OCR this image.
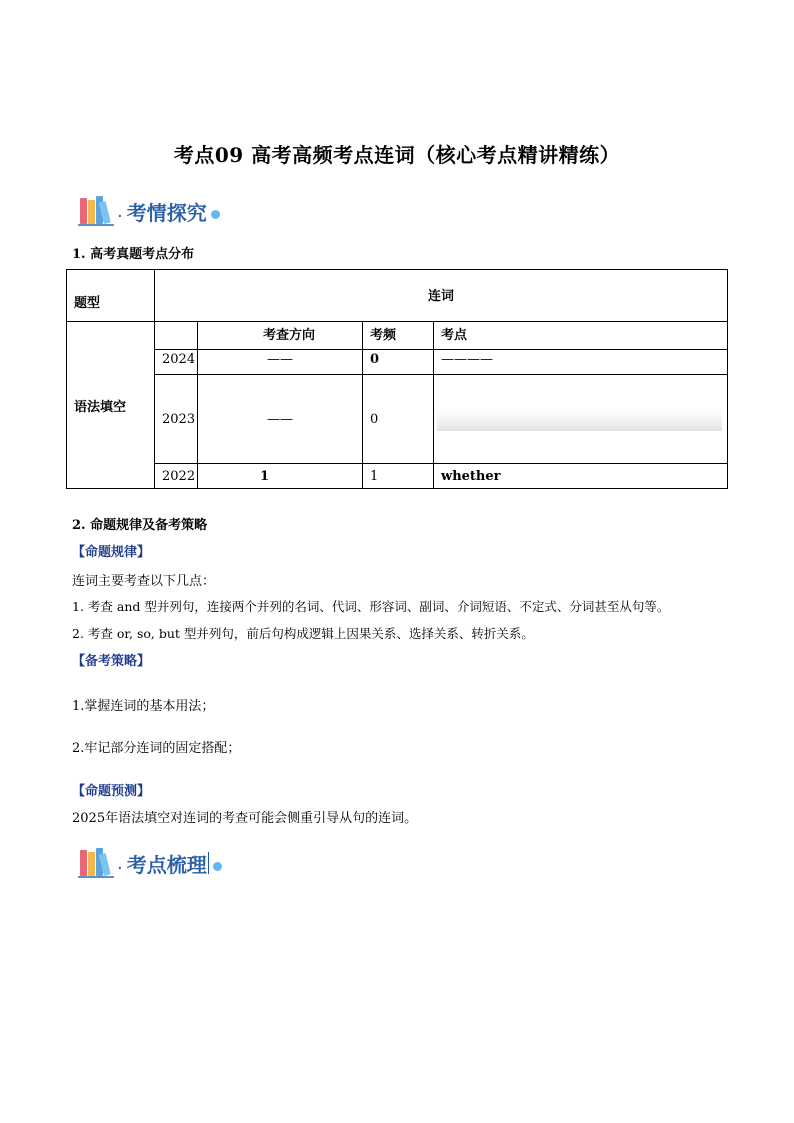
考点09 高考高频考点连词（核心考点精讲精练）
. 考情探究
1. 高考真题考点分布
题型	连词			
语法填空		考查方向	考频	考点
	2024	——	0	————
	2023	——	0	
	2022	1	1	whether
2. 命题规律及备考策略
【命题规律】
连词主要考查以下几点：
1. 考查 and 型并列句，连接两个并列的名词、代词、形容词、副词、介词短语、不定式、分词甚至从句等。
2. 考查 or, so, but 型并列句，前后句构成逻辑上因果关系、选择关系、转折关系。
【备考策略】
1.掌握连词的基本用法；
2.牢记部分连词的固定搭配；
【命题预测】
2025年语法填空对连词的考查可能会侧重引导从句的连词。
. 考点梳理
